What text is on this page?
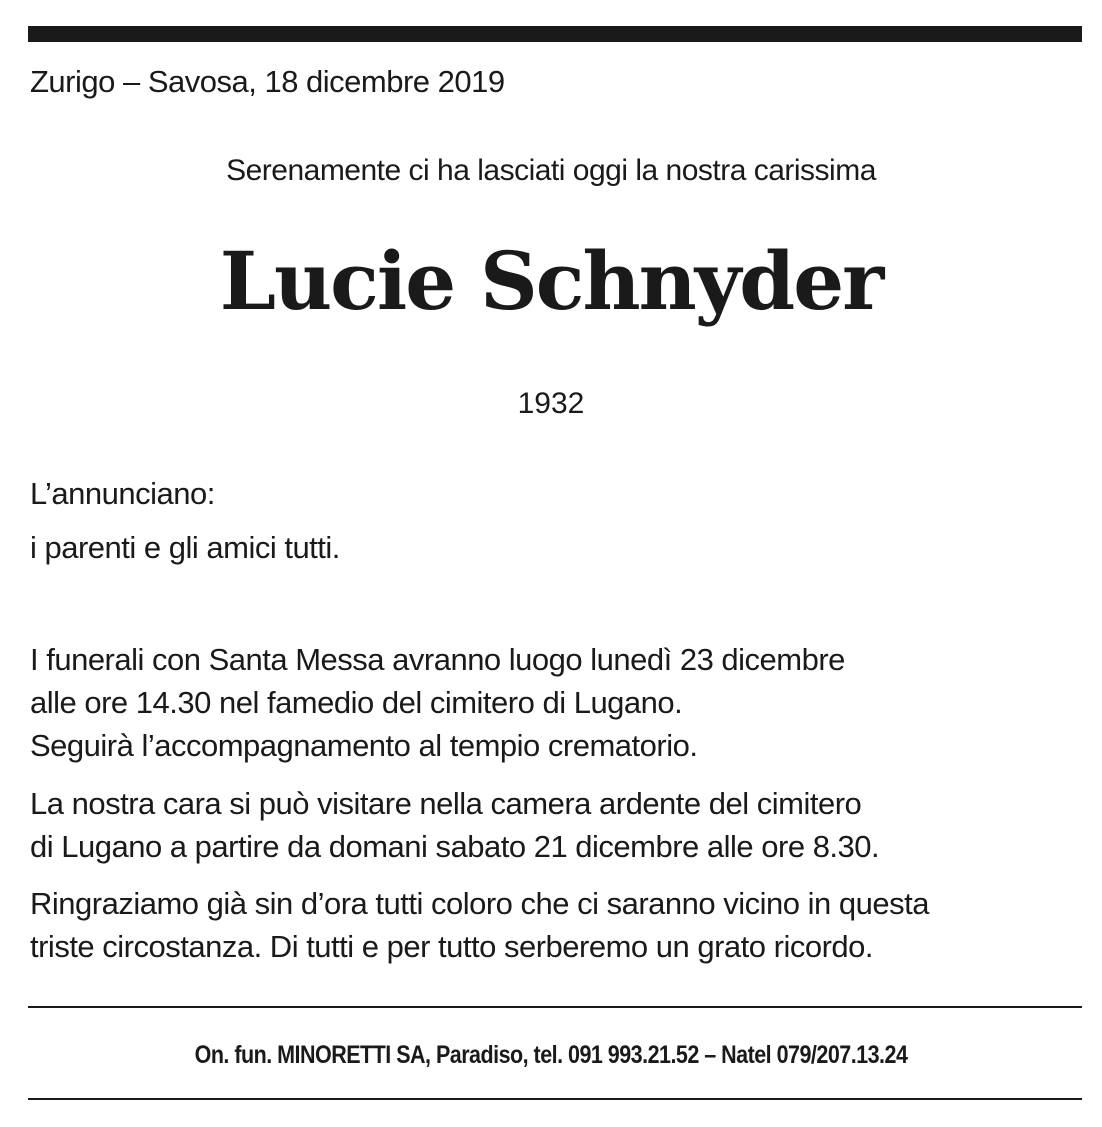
Zurigo – Savosa, 18 dicembre 2019
Serenamente ci ha lasciati oggi la nostra carissima
Lucie Schnyder
1932
L’annunciano:
i parenti e gli amici tutti.
I funerali con Santa Messa avranno luogo lunedì 23 dicembre
alle ore 14.30 nel famedio del cimitero di Lugano.
Seguirà l’accompagnamento al tempio crematorio.
La nostra cara si può visitare nella camera ardente del cimitero
di Lugano a partire da domani sabato 21 dicembre alle ore 8.30.
Ringraziamo già sin d’ora tutti coloro che ci saranno vicino in questa
triste circostanza. Di tutti e per tutto serberemo un grato ricordo.
On. fun. MINORETTI SA, Paradiso, tel. 091 993.21.52 – Natel 079/207.13.24
